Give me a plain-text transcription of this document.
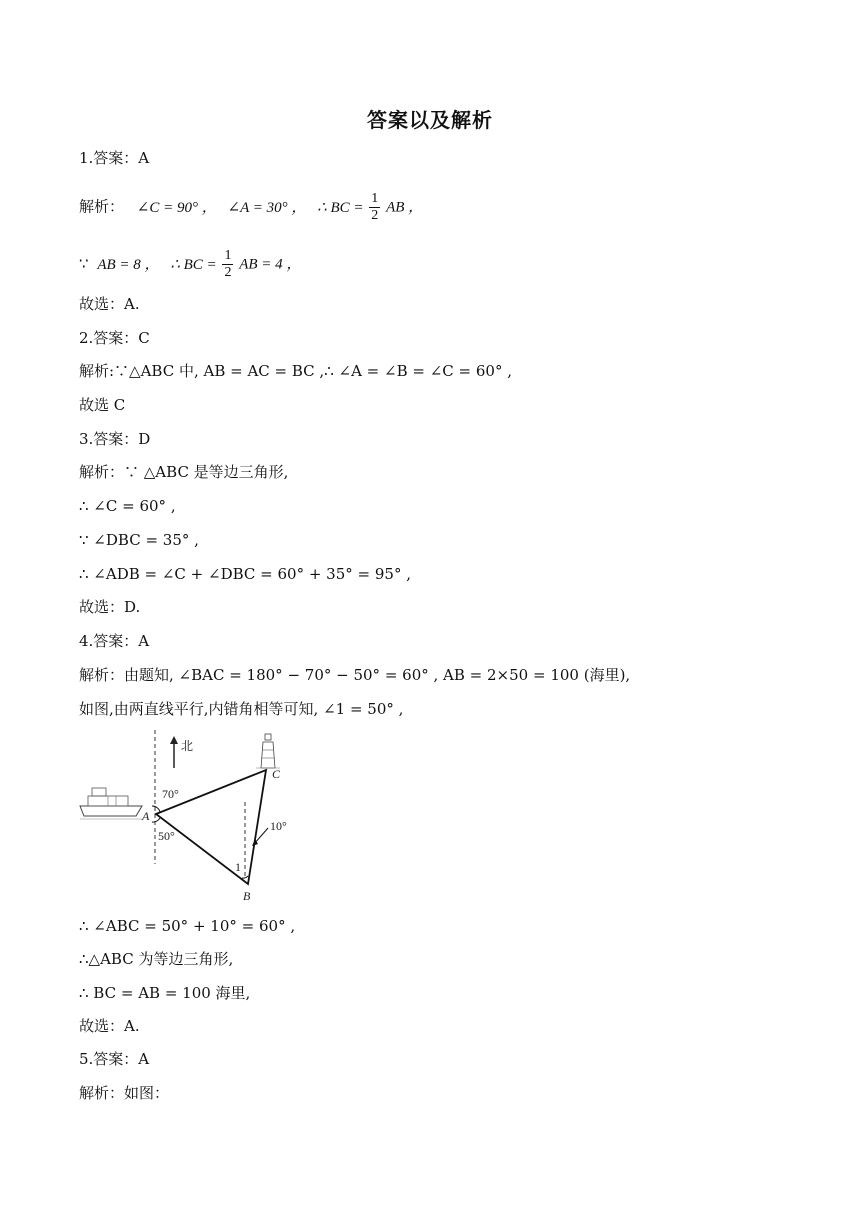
答案以及解析
1.答案：A
解析： ∠C = 90° ， ∠A = 30° ， ∴ BC = $\frac{1}{2}$ AB ，
∵ AB = 8 ， ∴ BC = $\frac{1}{2}$ AB = 4 ，
故选：A.
2.答案：C
解析:∵△ABC 中, AB = AC = BC ,∴ ∠A = ∠B = ∠C = 60° ,
故选 C
3.答案：D
解析：∵ △ABC 是等边三角形,
∴ ∠C = 60° ,
∵ ∠DBC = 35° ,
∴ ∠ADB = ∠C + ∠DBC = 60° + 35° = 95° ,
故选：D.
4.答案：A
解析：由题知, ∠BAC = 180° − 70° − 50° = 60° , AB = 2×50 = 100 (海里),
如图,由两直线平行,内错角相等可知, ∠1 = 50° ,
北
70°
50°
10°
A
C
B
1
∴ ∠ABC = 50° + 10° = 60° ,
∴△ABC 为等边三角形,
∴ BC = AB = 100 海里,
故选：A.
5.答案：A
解析：如图：
